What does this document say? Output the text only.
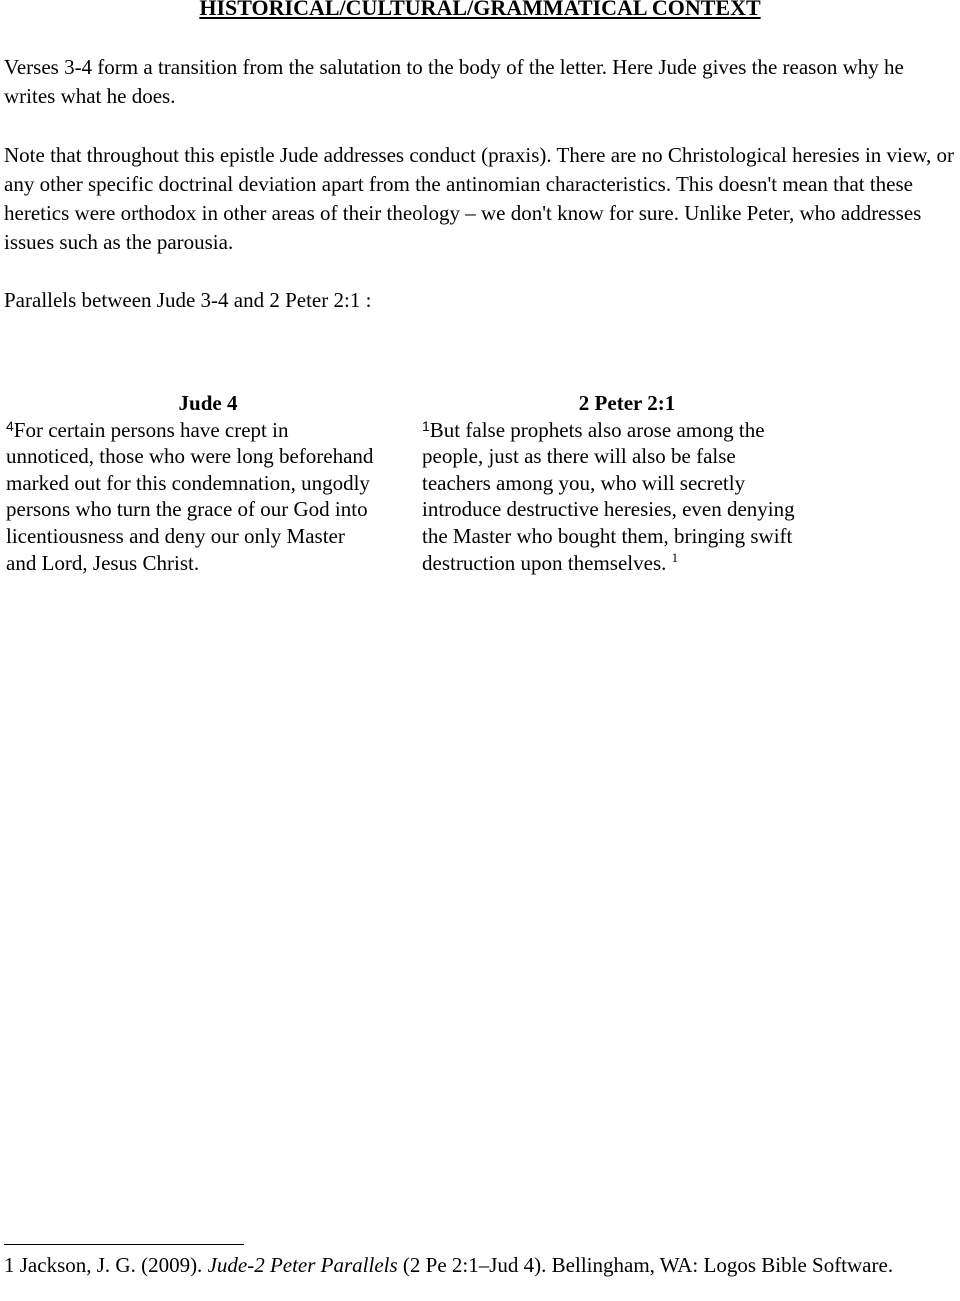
HISTORICAL/CULTURAL/GRAMMATICAL CONTEXT

Verses 3-4 form a transition from the salutation to the body of the letter. Here Jude gives the reason why he writes what he does.

Note that throughout this epistle Jude addresses conduct (praxis). There are no Christological heresies in view, or any other specific doctrinal deviation apart from the antinomian characteristics. This doesn't mean that these heretics were orthodox in other areas of their theology – we don't know for sure. Unlike Peter, who addresses issues such as the parousia.

Parallels between Jude 3-4 and 2 Peter 2:1 :

Jude 4
$^4$For certain persons have crept in
unnoticed, those who were long beforehand
marked out for this condemnation, ungodly
persons who turn the grace of our God into
licentiousness and deny our only Master
and Lord, Jesus Christ.
2 Peter 2:1
$^1$But false prophets also arose among the
people, just as there will also be false
teachers among you, who will secretly
introduce destructive heresies, even denying
the Master who bought them, bringing swift
destruction upon themselves. $^1$

1 Jackson, J. G. (2009). Jude-2 Peter Parallels (2 Pe 2:1–Jud 4). Bellingham, WA: Logos Bible Software.
